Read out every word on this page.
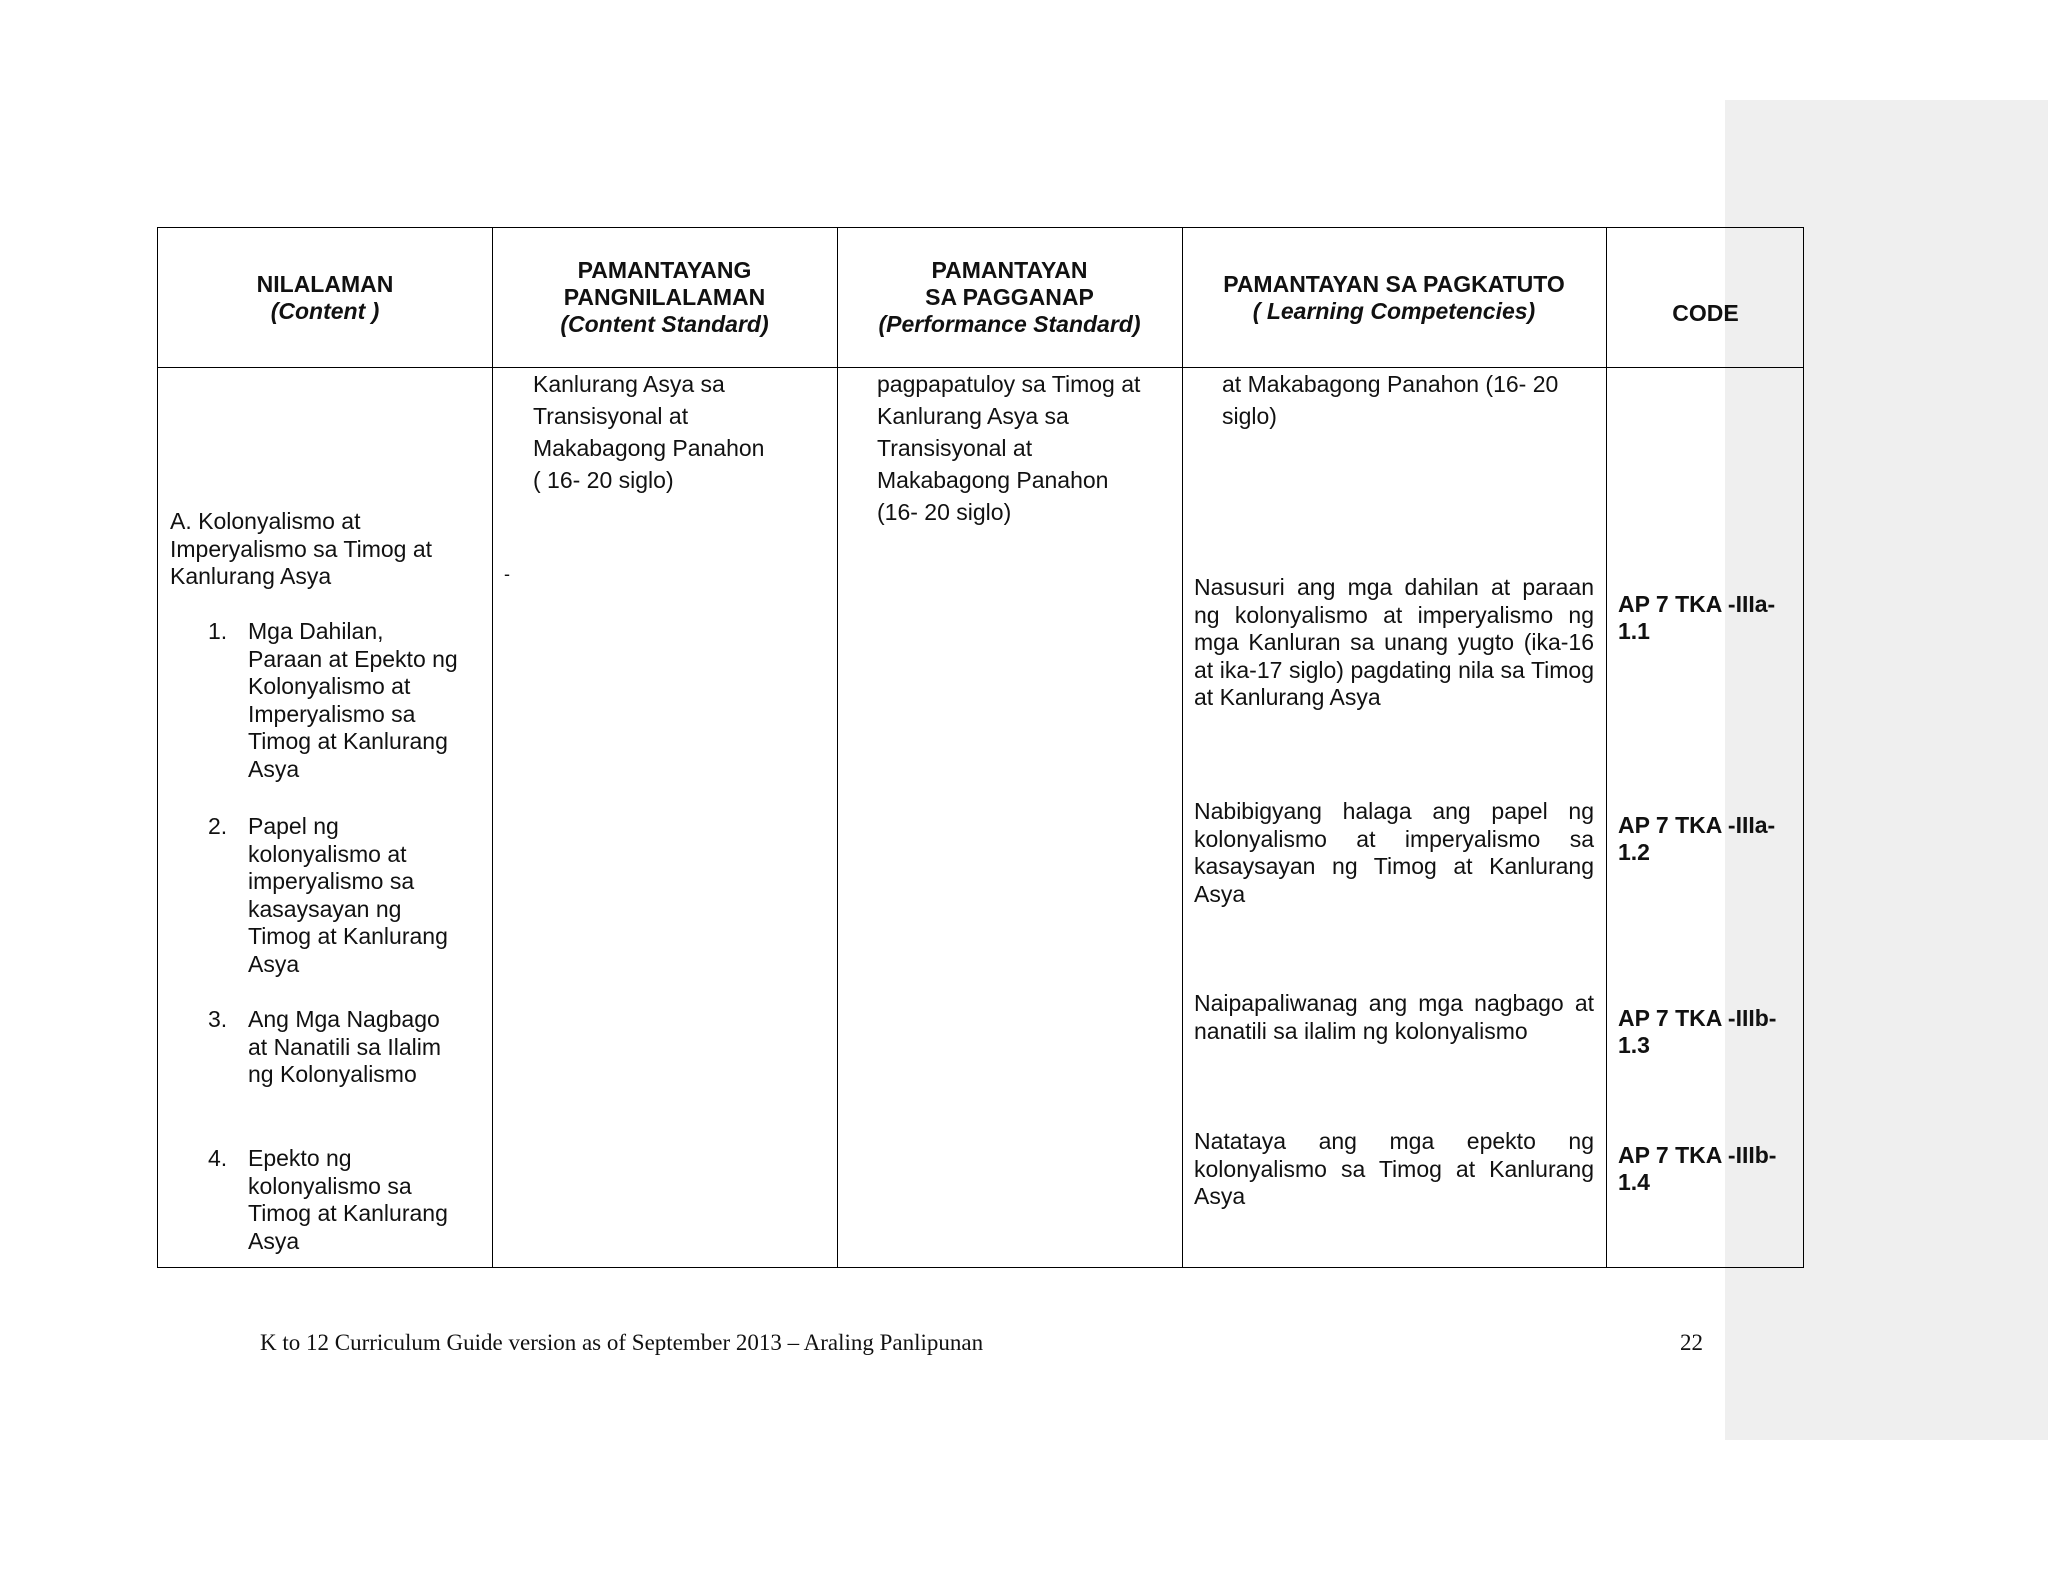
NILALAMAN
(Content )
PAMANTAYANG
PANGNILALAMAN
(Content Standard)
PAMANTAYAN
SA PAGGANAP
(Performance Standard)
PAMANTAYAN SA PAGKATUTO
( Learning Competencies)	CODE
A. Kolonyalismo at Imperyalismo sa Timog at Kanlurang Asya
1. Mga Dahilan, Paraan at Epekto ng Kolonyalismo at Imperyalismo sa Timog at Kanlurang Asya
2. Papel ng kolonyalismo at imperyalismo sa kasaysayan ng Timog at Kanlurang Asya
3. Ang Mga Nagbago at Nanatili sa Ilalim ng Kolonyalismo
4. Epekto ng kolonyalismo sa Timog at Kanlurang Asya
Kanlurang Asya sa
Transisyonal at
Makabagong Panahon
( 16- 20 siglo)
-
pagpapatuloy sa Timog at
Kanlurang Asya sa
Transisyonal at
Makabagong Panahon
(16- 20 siglo)
at Makabagong Panahon (16- 20
siglo)
Nasusuri ang mga dahilan at paraan ng kolonyalismo at imperyalismo ng mga Kanluran sa unang yugto (ika-16 at ika-17 siglo) pagdating nila sa Timog at Kanlurang Asya
Nabibigyang halaga ang papel ng kolonyalismo at imperyalismo sa kasaysayan ng Timog at Kanlurang Asya
Naipapaliwanag ang mga nagbago at nanatili sa ilalim ng kolonyalismo
Natataya ang mga epekto ng kolonyalismo sa Timog at Kanlurang Asya
AP 7 TKA -IIIa-
1.1
AP 7 TKA -IIIa-
1.2
AP 7 TKA -IIIb-
1.3
AP 7 TKA -IIIb-
1.4
K to 12 Curriculum Guide version as of September 2013 – Araling Panlipunan	22
